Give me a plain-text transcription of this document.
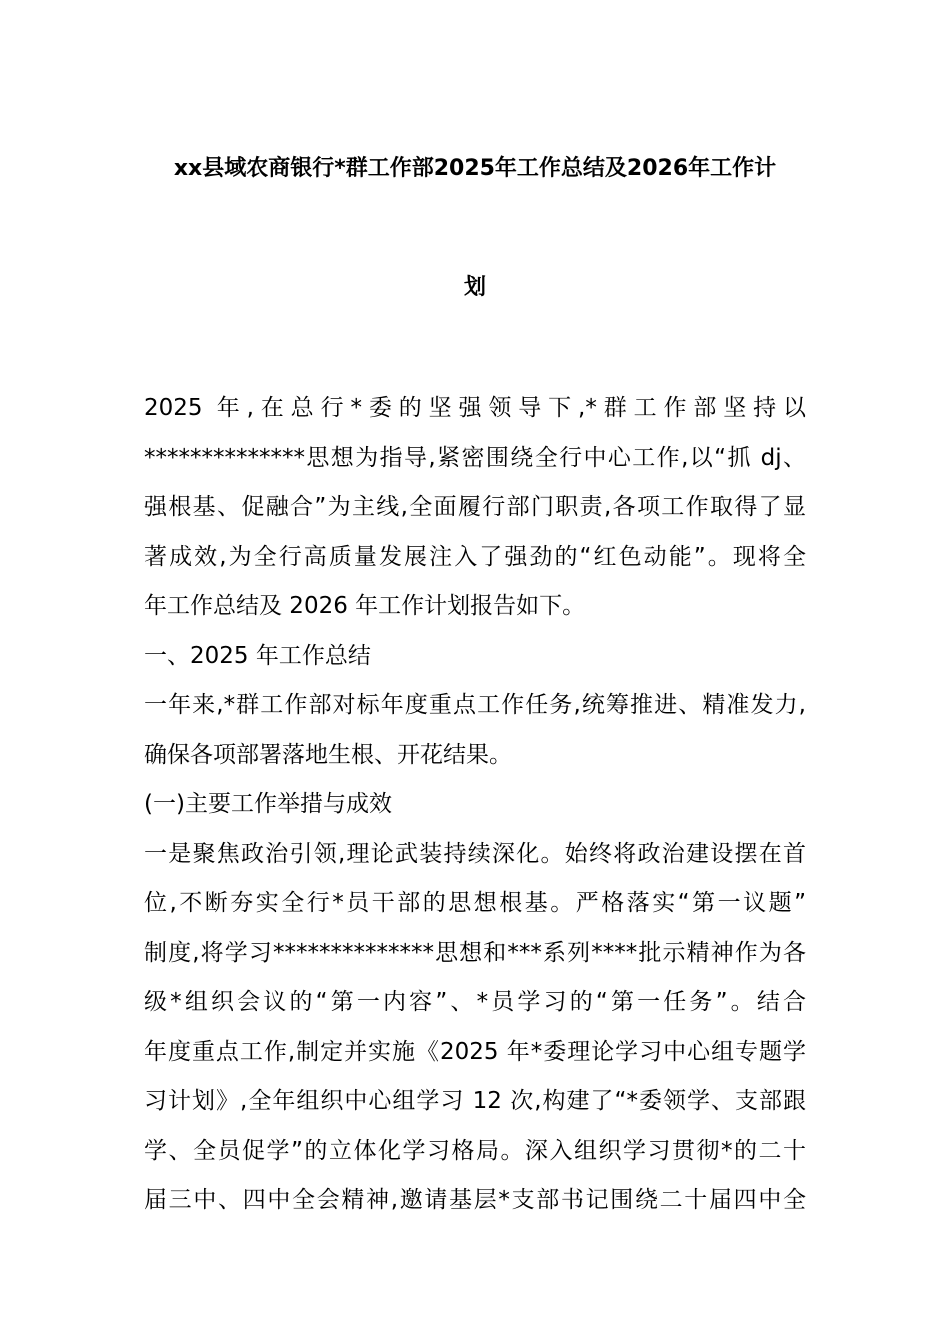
xx县域农商银行*群工作部2025年工作总结及2026年工作计
划
2025 年,在总行*委的坚强领导下,*群工作部坚持以
**************思想为指导,紧密围绕全行中心工作,以“抓 dj、
强根基、促融合”为主线,全面履行部门职责,各项工作取得了显
著成效,为全行高质量发展注入了强劲的“红色动能”。现将全
年工作总结及 2026 年工作计划报告如下。
一、2025 年工作总结
一年来,*群工作部对标年度重点工作任务,统筹推进、精准发力,
确保各项部署落地生根、开花结果。
(一)主要工作举措与成效
一是聚焦政治引领,理论武装持续深化。始终将政治建设摆在首
位,不断夯实全行*员干部的思想根基。严格落实“第一议题”
制度,将学习**************思想和***系列****批示精神作为各
级*组织会议的“第一内容”、*员学习的“第一任务”。结合
年度重点工作,制定并实施《2025 年*委理论学习中心组专题学
习计划》,全年组织中心组学习 12 次,构建了“*委领学、支部跟
学、全员促学”的立体化学习格局。深入组织学习贯彻*的二十
届三中、四中全会精神,邀请基层*支部书记围绕二十届四中全
